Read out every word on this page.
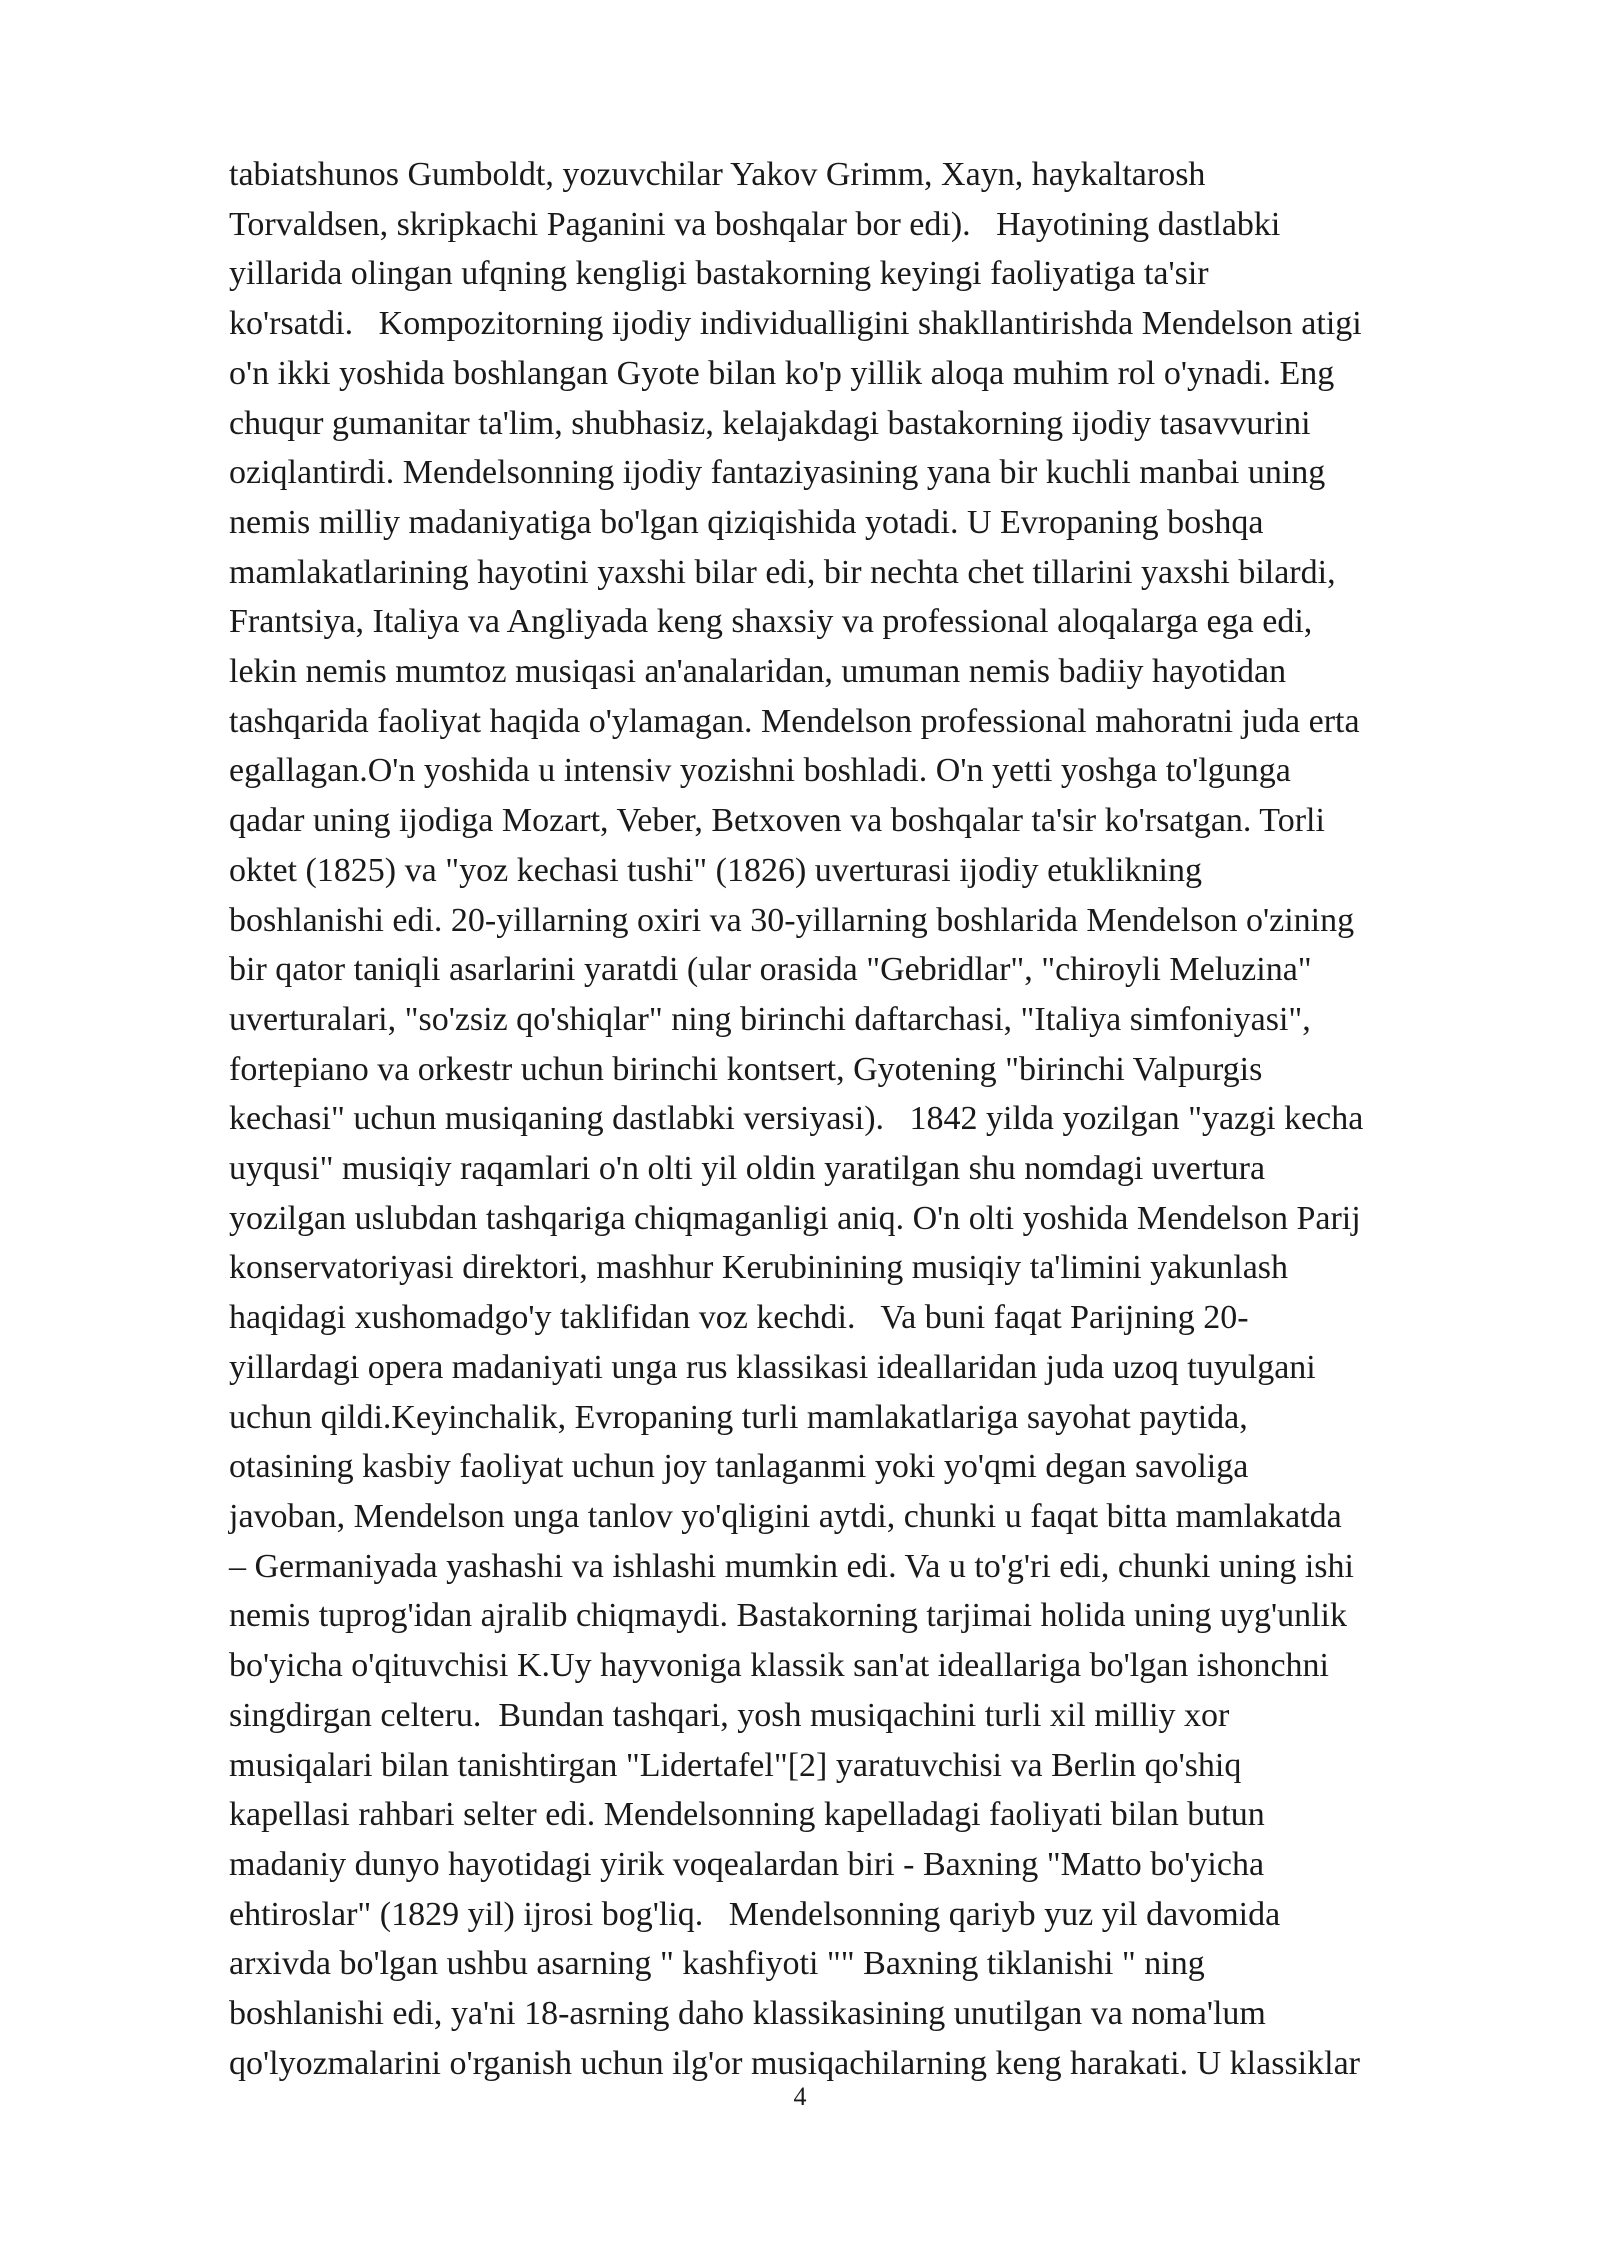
tabiatshunos Gumboldt, yozuvchilar Yakov Grimm, Xayn, haykaltarosh
Torvaldsen, skripkachi Paganini va boshqalar bor edi).   Hayotining dastlabki
yillarida olingan ufqning kengligi bastakorning keyingi faoliyatiga ta'sir
ko'rsatdi.   Kompozitorning ijodiy individualligini shakllantirishda Mendelson atigi
o'n ikki yoshida boshlangan Gyote bilan ko'p yillik aloqa muhim rol o'ynadi. Eng
chuqur gumanitar ta'lim, shubhasiz, kelajakdagi bastakorning ijodiy tasavvurini
oziqlantirdi. Mendelsonning ijodiy fantaziyasining yana bir kuchli manbai uning
nemis milliy madaniyatiga bo'lgan qiziqishida yotadi. U Evropaning boshqa
mamlakatlarining hayotini yaxshi bilar edi, bir nechta chet tillarini yaxshi bilardi,
Frantsiya, Italiya va Angliyada keng shaxsiy va professional aloqalarga ega edi,
lekin nemis mumtoz musiqasi an'analaridan, umuman nemis badiiy hayotidan
tashqarida faoliyat haqida o'ylamagan. Mendelson professional mahoratni juda erta
egallagan.O'n yoshida u intensiv yozishni boshladi. O'n yetti yoshga to'lgunga
qadar uning ijodiga Mozart, Veber, Betxoven va boshqalar ta'sir ko'rsatgan. Torli
oktet (1825) va "yoz kechasi tushi" (1826) uverturasi ijodiy etuklikning
boshlanishi edi. 20-yillarning oxiri va 30-yillarning boshlarida Mendelson o'zining
bir qator taniqli asarlarini yaratdi (ular orasida "Gebridlar", "chiroyli Meluzina"
uverturalari, "so'zsiz qo'shiqlar" ning birinchi daftarchasi, "Italiya simfoniyasi",
fortepiano va orkestr uchun birinchi kontsert, Gyotening "birinchi Valpurgis
kechasi" uchun musiqaning dastlabki versiyasi).   1842 yilda yozilgan "yazgi kecha
uyqusi" musiqiy raqamlari o'n olti yil oldin yaratilgan shu nomdagi uvertura
yozilgan uslubdan tashqariga chiqmaganligi aniq. O'n olti yoshida Mendelson Parij
konservatoriyasi direktori, mashhur Kerubinining musiqiy ta'limini yakunlash
haqidagi xushomadgo'y taklifidan voz kechdi.   Va buni faqat Parijning 20-
yillardagi opera madaniyati unga rus klassikasi ideallaridan juda uzoq tuyulgani
uchun qildi.Keyinchalik, Evropaning turli mamlakatlariga sayohat paytida,
otasining kasbiy faoliyat uchun joy tanlaganmi yoki yo'qmi degan savoliga
javoban, Mendelson unga tanlov yo'qligini aytdi, chunki u faqat bitta mamlakatda
– Germaniyada yashashi va ishlashi mumkin edi. Va u to'g'ri edi, chunki uning ishi
nemis tuprog'idan ajralib chiqmaydi. Bastakorning tarjimai holida uning uyg'unlik
bo'yicha o'qituvchisi K.Uy hayvoniga klassik san'at ideallariga bo'lgan ishonchni
singdirgan celteru.  Bundan tashqari, yosh musiqachini turli xil milliy xor
musiqalari bilan tanishtirgan "Lidertafel"[2] yaratuvchisi va Berlin qo'shiq
kapellasi rahbari selter edi. Mendelsonning kapelladagi faoliyati bilan butun
madaniy dunyo hayotidagi yirik voqealardan biri - Baxning "Matto bo'yicha
ehtiroslar" (1829 yil) ijrosi bog'liq.   Mendelsonning qariyb yuz yil davomida
arxivda bo'lgan ushbu asarning " kashfiyoti "" Baxning tiklanishi " ning
boshlanishi edi, ya'ni 18-asrning daho klassikasining unutilgan va noma'lum
qo'lyozmalarini o'rganish uchun ilg'or musiqachilarning keng harakati. U klassiklar
4
